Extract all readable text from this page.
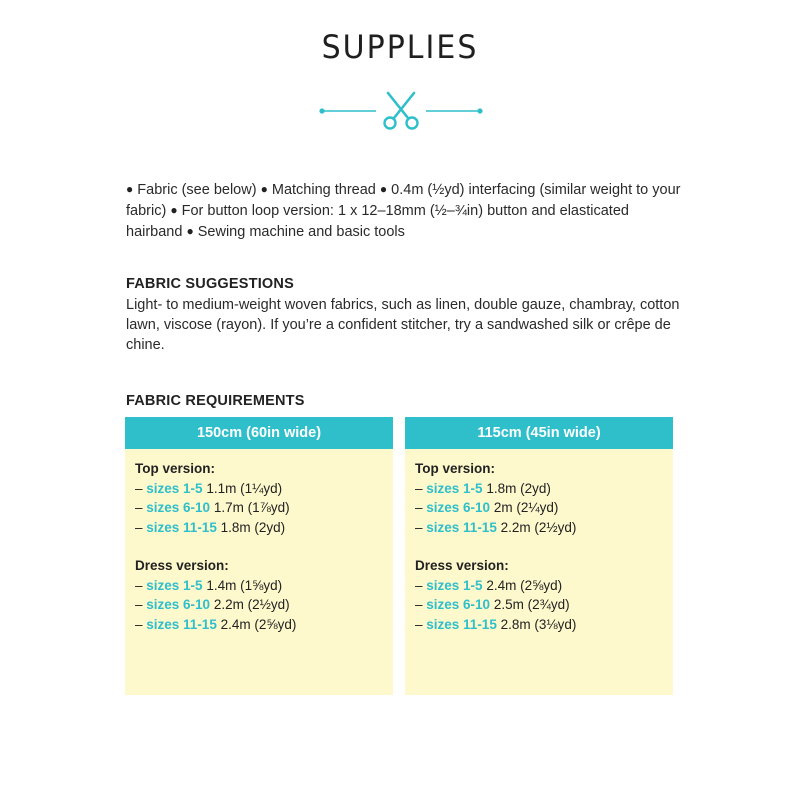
SUPPLIES
● Fabric (see below) ● Matching thread ● 0.4m (½yd) interfacing (similar weight to your fabric) ● For button loop version: 1 x 12–18mm (½–¾in) button and elasticated hairband ● Sewing machine and basic tools
FABRIC SUGGESTIONS
Light- to medium-weight woven fabrics, such as linen, double gauze, chambray, cotton lawn, viscose (rayon). If you’re a confident stitcher, try a sandwashed silk or crêpe de chine.
FABRIC REQUIREMENTS
150cm (60in wide)
Top version:
– sizes 1-5 1.1m (1¼yd)
– sizes 6-10 1.7m (1⅞yd)
– sizes 11-15 1.8m (2yd)
Dress version:
– sizes 1-5 1.4m (1⅝yd)
– sizes 6-10 2.2m (2½yd)
– sizes 11-15 2.4m (2⅝yd)
115cm (45in wide)
Top version:
– sizes 1-5 1.8m (2yd)
– sizes 6-10 2m (2¼yd)
– sizes 11-15 2.2m (2½yd)
Dress version:
– sizes 1-5 2.4m (2⅝yd)
– sizes 6-10 2.5m (2¾yd)
– sizes 11-15 2.8m (3⅛yd)
